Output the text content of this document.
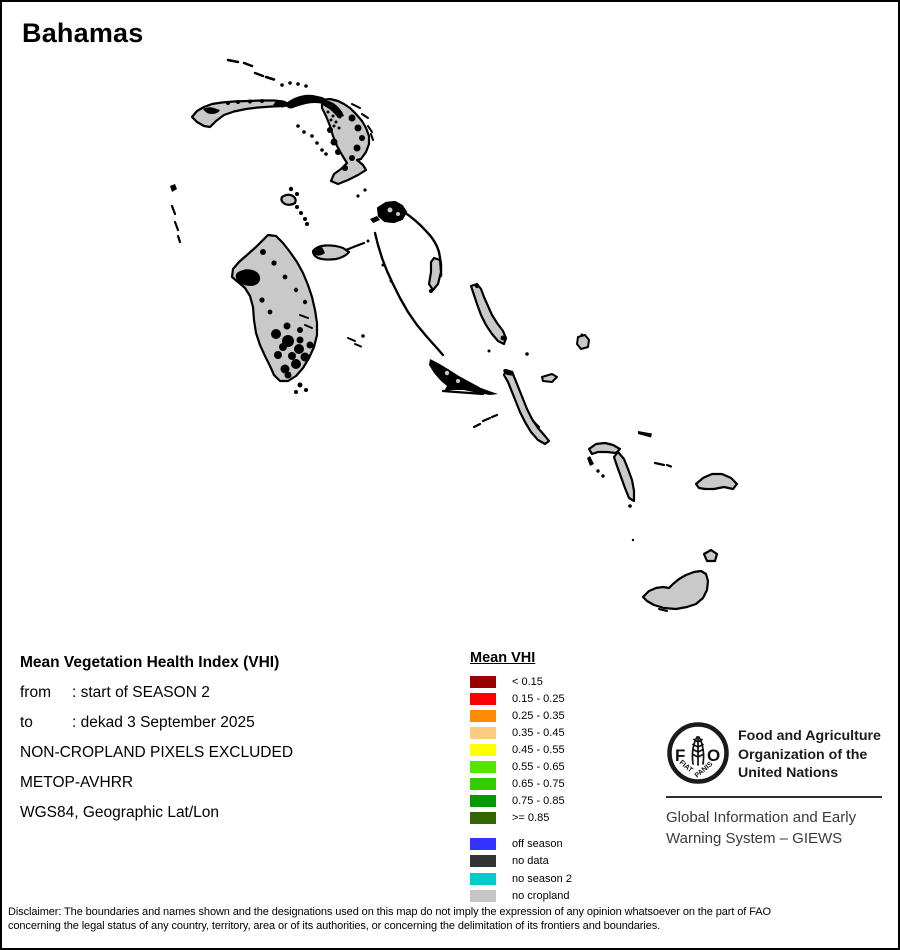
Bahamas
Mean Vegetation Health Index (VHI)
from : start of SEASON 2
to	: dekad 3 September 2025
NON-CROPLAND PIXELS EXCLUDED
METOP-AVHRR
WGS84, Geographic Lat/Lon
Mean VHI
< 0.15
0.15 - 0.25
0.25 - 0.35
0.35 - 0.45
0.45 - 0.55
0.55 - 0.65
0.65 - 0.75
0.75 - 0.85
>= 0.85
off season
no data
no season 2
no cropland
F O
FIAT PANIS
Food and Agriculture
Organization of the
United Nations
Global Information and Early
Warning System – GIEWS
Disclaimer: The boundaries and names shown and the designations used on this map do not imply the expression of any opinion whatsoever on the part of FAO
concerning the legal status of any country, territory, area or of its authorities, or concerning the delimitation of its frontiers and boundaries.
